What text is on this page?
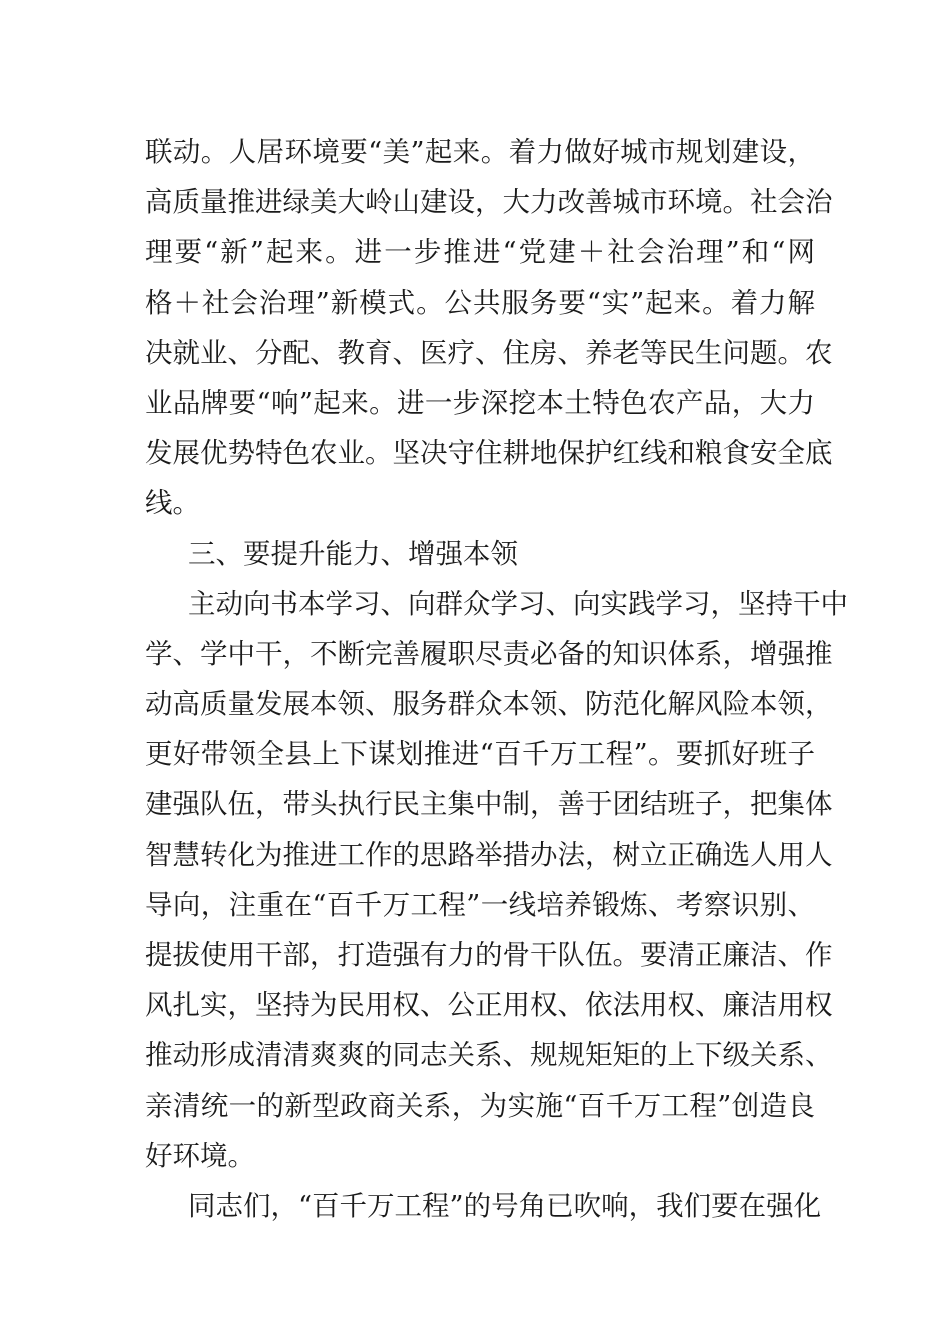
联动。人居环境要“美”起来。着力做好城市规划建设，
高质量推进绿美大岭山建设，大力改善城市环境。社会治
理要“新”起来。进一步推进“党建＋社会治理”和“网
格＋社会治理”新模式。公共服务要“实”起来。着力解
决就业、分配、教育、医疗、住房、养老等民生问题。农
业品牌要“响”起来。进一步深挖本土特色农产品，大力
发展优势特色农业。坚决守住耕地保护红线和粮食安全底
线。
三、要提升能力、增强本领
主动向书本学习、向群众学习、向实践学习，坚持干中
学、学中干，不断完善履职尽责必备的知识体系，增强推
动高质量发展本领、服务群众本领、防范化解风险本领，
更好带领全县上下谋划推进“百千万工程”。要抓好班子
建强队伍，带头执行民主集中制，善于团结班子，把集体
智慧转化为推进工作的思路举措办法，树立正确选人用人
导向，注重在“百千万工程”一线培养锻炼、考察识别、
提拔使用干部，打造强有力的骨干队伍。要清正廉洁、作
风扎实，坚持为民用权、公正用权、依法用权、廉洁用权
推动形成清清爽爽的同志关系、规规矩矩的上下级关系、
亲清统一的新型政商关系，为实施“百千万工程”创造良
好环境。
同志们，“百千万工程”的号角已吹响，我们要在强化
